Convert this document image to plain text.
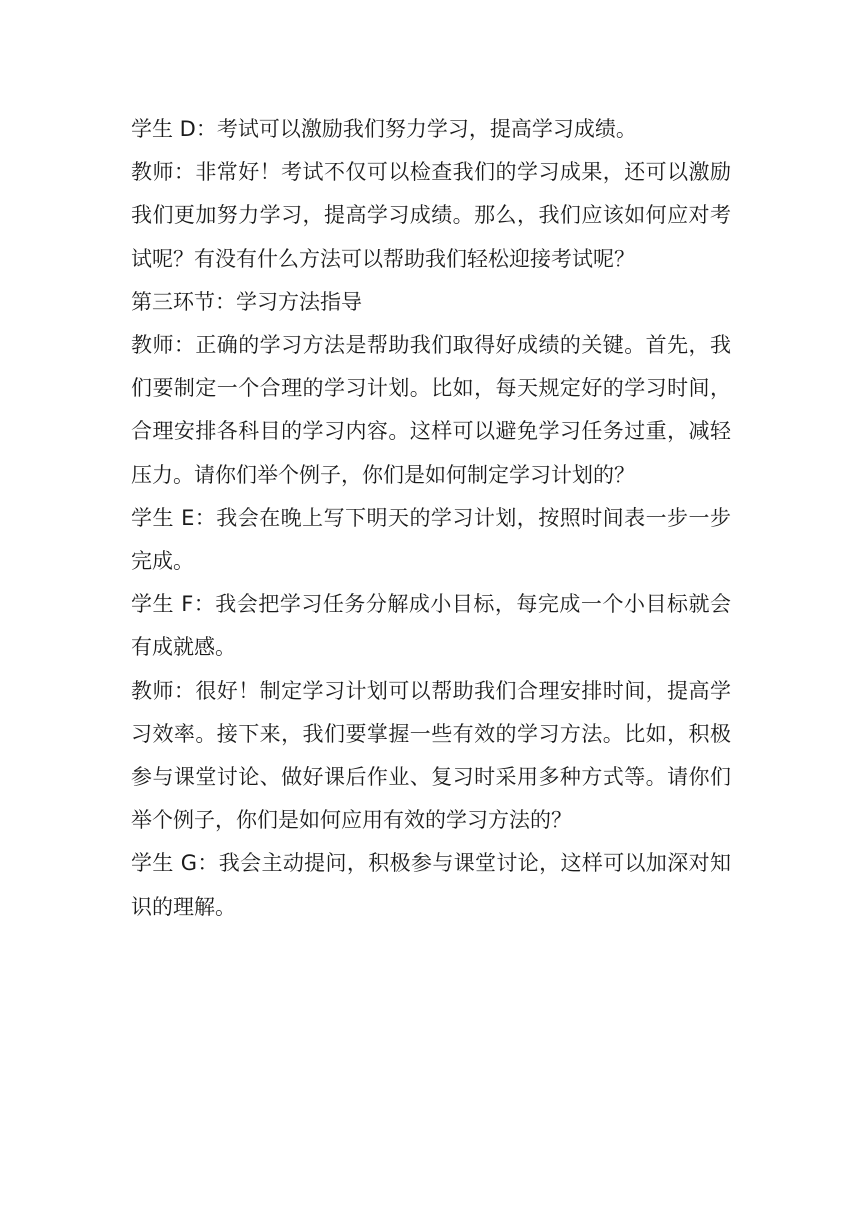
学生 D：考试可以激励我们努力学习，提高学习成绩。

教师：非常好！考试不仅可以检查我们的学习成果，还可以激励我们更加努力学习，提高学习成绩。那么，我们应该如何应对考试呢？有没有什么方法可以帮助我们轻松迎接考试呢？

第三环节：学习方法指导

教师：正确的学习方法是帮助我们取得好成绩的关键。首先，我们要制定一个合理的学习计划。比如，每天规定好的学习时间，合理安排各科目的学习内容。这样可以避免学习任务过重，减轻压力。请你们举个例子，你们是如何制定学习计划的？

学生 E：我会在晚上写下明天的学习计划，按照时间表一步一步完成。

学生 F：我会把学习任务分解成小目标，每完成一个小目标就会有成就感。

教师：很好！制定学习计划可以帮助我们合理安排时间，提高学习效率。接下来，我们要掌握一些有效的学习方法。比如，积极参与课堂讨论、做好课后作业、复习时采用多种方式等。请你们举个例子，你们是如何应用有效的学习方法的？

学生 G：我会主动提问，积极参与课堂讨论，这样可以加深对知识的理解。
